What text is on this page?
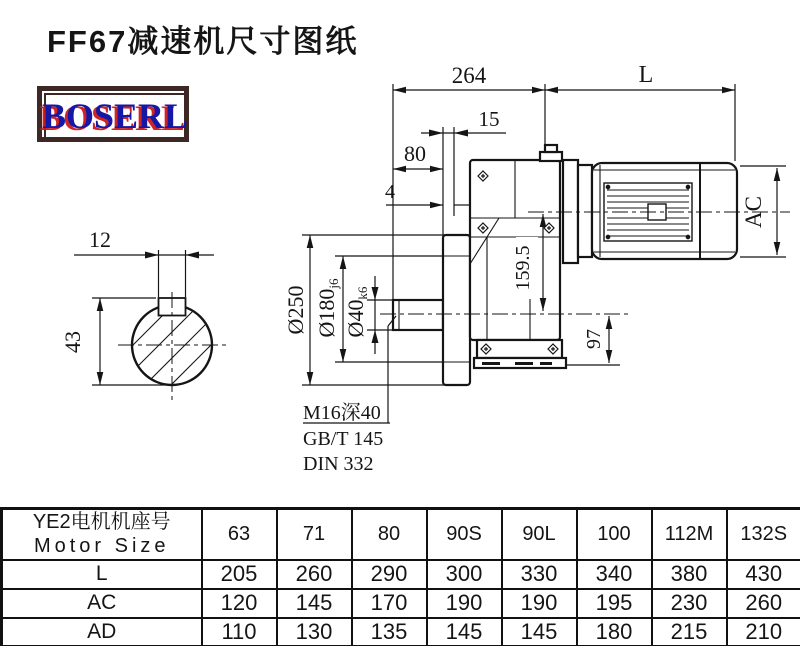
FF67减速机尺寸图纸
BOSERL
264	L
15
80
4
12
43
Ø250 Ø180j6
Ø40k6
159.5
97
AC
M16深40
GB/T 145
DIN 332
YE2电机机座号
Motor Size	63	71	80	90S	90L	100	112M	132S
L	205	260	290	300	330	340	380	430
AC	120	145	170	190	190	195	230	260
AD	110	130	135	145	145	180	215	210
